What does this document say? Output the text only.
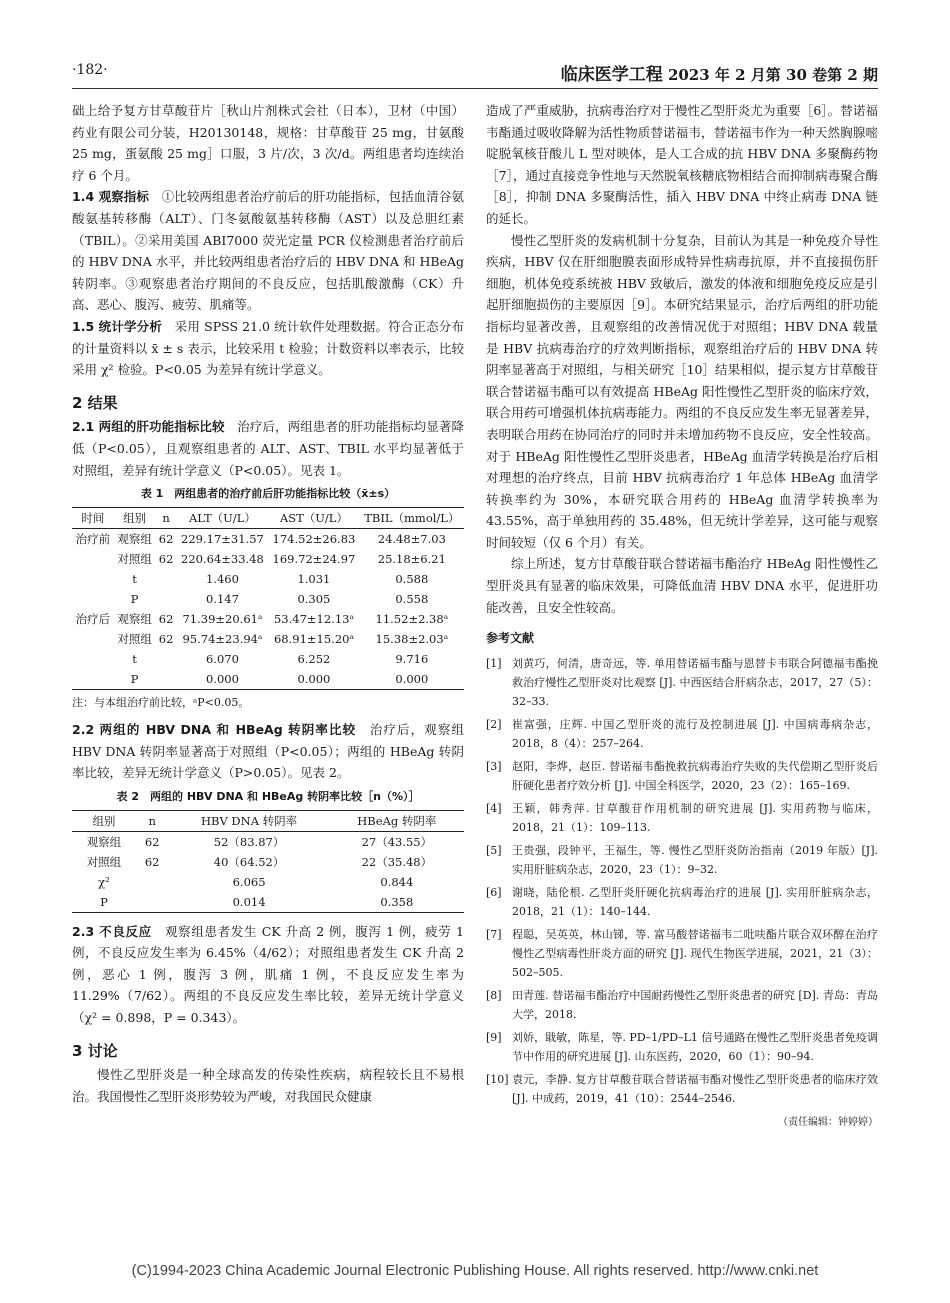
·182·	临床医学工程 2023 年 2 月第 30 卷第 2 期

础上给予复方甘草酸苷片［秋山片剂株式会社（日本），卫材（中国）药业有限公司分装，H20130148，规格：甘草酸苷 25 mg，甘氨酸 25 mg，蛋氨酸 25 mg］口服，3 片/次，3 次/d。两组患者均连续治疗 6 个月。

1.4 观察指标　 ①比较两组患者治疗前后的肝功能指标，包括血清谷氨酸氨基转移酶（ALT）、门冬氨酸氨基转移酶（AST）以及总胆红素（TBIL）。②采用美国 ABI7000 荧光定量 PCR 仪检测患者治疗前后的 HBV DNA 水平，并比较两组患者治疗后的 HBV DNA 和 HBeAg 转阴率。③观察患者治疗期间的不良反应，包括肌酸激酶（CK）升高、恶心、腹泻、疲劳、肌痛等。

1.5 统计学分析　 采用 SPSS 21.0 统计软件处理数据。符合正态分布的计量资料以 x̄ ± s 表示，比较采用 t 检验；计数资料以率表示，比较采用 χ² 检验。P<0.05 为差异有统计学意义。

2 结果

2.1 两组的肝功能指标比较　 治疗后，两组患者的肝功能指标均显著降低（P<0.05），且观察组患者的 ALT、AST、TBIL 水平均显著低于对照组，差异有统计学意义（P<0.05）。见表 1。

表 1　两组患者的治疗前后肝功能指标比较（x̄±s）
时间	组别	n	ALT（U/L）	AST（U/L）	TBIL（mmol/L）
治疗前	观察组	62	229.17±31.57	174.52±26.83	24.48±7.03
	对照组	62	220.64±33.48	169.72±24.97	25.18±6.21
	t		1.460	1.031	0.588
	P		0.147	0.305	0.558
治疗后	观察组	62	71.39±20.61ᵃ	53.47±12.13ᵃ	11.52±2.38ᵃ
	对照组	62	95.74±23.94ᵃ	68.91±15.20ᵃ	15.38±2.03ᵃ
	t		6.070	6.252	9.716
	P		0.000	0.000	0.000
注：与本组治疗前比较，ᵃP<0.05。

2.2 两组的 HBV DNA 和 HBeAg 转阴率比较　 治疗后，观察组 HBV DNA 转阴率显著高于对照组（P<0.05）；两组的 HBeAg 转阴率比较，差异无统计学意义（P>0.05）。见表 2。

表 2　两组的 HBV DNA 和 HBeAg 转阴率比较［n（%）］
组别	n	HBV DNA 转阴率	HBeAg 转阴率
观察组	62	52（83.87）	27（43.55）
对照组	62	40（64.52）	22（35.48）
χ²		6.065	0.844
P		0.014	0.358

2.3 不良反应　 观察组患者发生 CK 升高 2 例，腹泻 1 例，疲劳 1 例，不良反应发生率为 6.45%（4/62）；对照组患者发生 CK 升高 2 例，恶心 1 例，腹泻 3 例，肌痛 1 例，不良反应发生率为 11.29%（7/62）。两组的不良反应发生率比较，差异无统计学意义（χ² = 0.898，P = 0.343）。

3 讨论

慢性乙型肝炎是一种全球高发的传染性疾病，病程较长且不易根治。我国慢性乙型肝炎形势较为严峻，对我国民众健康

造成了严重威胁，抗病毒治疗对于慢性乙型肝炎尤为重要［6］。替诺福韦酯通过吸收降解为活性物质替诺福韦，替诺福韦作为一种天然胸腺嘧啶脱氧核苷酸儿 L 型对映体，是人工合成的抗 HBV DNA 多聚酶药物［7］，通过直接竞争性地与天然脱氧核糖底物相结合而抑制病毒聚合酶［8］，抑制 DNA 多聚酶活性，插入 HBV DNA 中终止病毒 DNA 链的延长。

慢性乙型肝炎的发病机制十分复杂，目前认为其是一种免疫介导性疾病，HBV 仅在肝细胞膜表面形成特异性病毒抗原，并不直接损伤肝细胞，机体免疫系统被 HBV 致敏后，激发的体液和细胞免疫反应是引起肝细胞损伤的主要原因［9］。本研究结果显示，治疗后两组的肝功能指标均显著改善，且观察组的改善情况优于对照组；HBV DNA 载量是 HBV 抗病毒治疗的疗效判断指标，观察组治疗后的 HBV DNA 转阴率显著高于对照组，与相关研究［10］结果相似，提示复方甘草酸苷联合替诺福韦酯可以有效提高 HBeAg 阳性慢性乙型肝炎的临床疗效，联合用药可增强机体抗病毒能力。两组的不良反应发生率无显著差异，表明联合用药在协同治疗的同时并未增加药物不良反应，安全性较高。对于 HBeAg 阳性慢性乙型肝炎患者，HBeAg 血清学转换是治疗后相对理想的治疗终点，目前 HBV 抗病毒治疗 1 年总体 HBeAg 血清学转换率约为 30%，本研究联合用药的 HBeAg 血清学转换率为 43.55%，高于单独用药的 35.48%，但无统计学差异，这可能与观察时间较短（仅 6 个月）有关。

综上所述，复方甘草酸苷联合替诺福韦酯治疗 HBeAg 阳性慢性乙型肝炎具有显著的临床效果，可降低血清 HBV DNA 水平，促进肝功能改善，且安全性较高。

参考文献
[1] 刘黄巧，何清，唐奇远，等. 单用替诺福韦酯与恩替卡韦联合阿德福韦酯挽救治疗慢性乙型肝炎对比观察 [J]. 中西医结合肝病杂志，2017，27（5）：32–33.
[2] 崔富强，庄辉. 中国乙型肝炎的流行及控制进展 [J]. 中国病毒病杂志，2018，8（4）：257–264.
[3] 赵阳，李烨，赵臣. 替诺福韦酯挽救抗病毒治疗失败的失代偿期乙型肝炎后肝硬化患者疗效分析 [J]. 中国全科医学，2020，23（2）：165–169.
[4] 王颖，韩秀萍. 甘草酸苷作用机制的研究进展 [J]. 实用药物与临床，2018，21（1）：109–113.
[5] 王贵强，段钟平，王福生，等. 慢性乙型肝炎防治指南（2019 年版）[J]. 实用肝脏病杂志，2020，23（1）：9–32.
[6] 谢晓，陆伦根. 乙型肝炎肝硬化抗病毒治疗的进展 [J]. 实用肝脏病杂志，2018，21（1）：140–144.
[7] 程聪，吴英英，林山锑，等. 富马酸替诺福韦二吡呋酯片联合双环醇在治疗慢性乙型病毒性肝炎方面的研究 [J]. 现代生物医学进展，2021，21（3）：502–505.
[8] 田青莲. 替诺福韦酯治疗中国耐药慢性乙型肝炎患者的研究 [D]. 青岛：青岛大学，2018.
[9] 刘娇，戢敏，陈星，等. PD–1/PD–L1 信号通路在慢性乙型肝炎患者免疫调节中作用的研究进展 [J]. 山东医药，2020，60（1）：90–94.
[10] 袁元，李静. 复方甘草酸苷联合替诺福韦酯对慢性乙型肝炎患者的临床疗效 [J]. 中成药，2019，41（10）：2544–2546.
（责任编辑：钟婷婷）
(C)1994-2023 China Academic Journal Electronic Publishing House. All rights reserved. http://www.cnki.net
